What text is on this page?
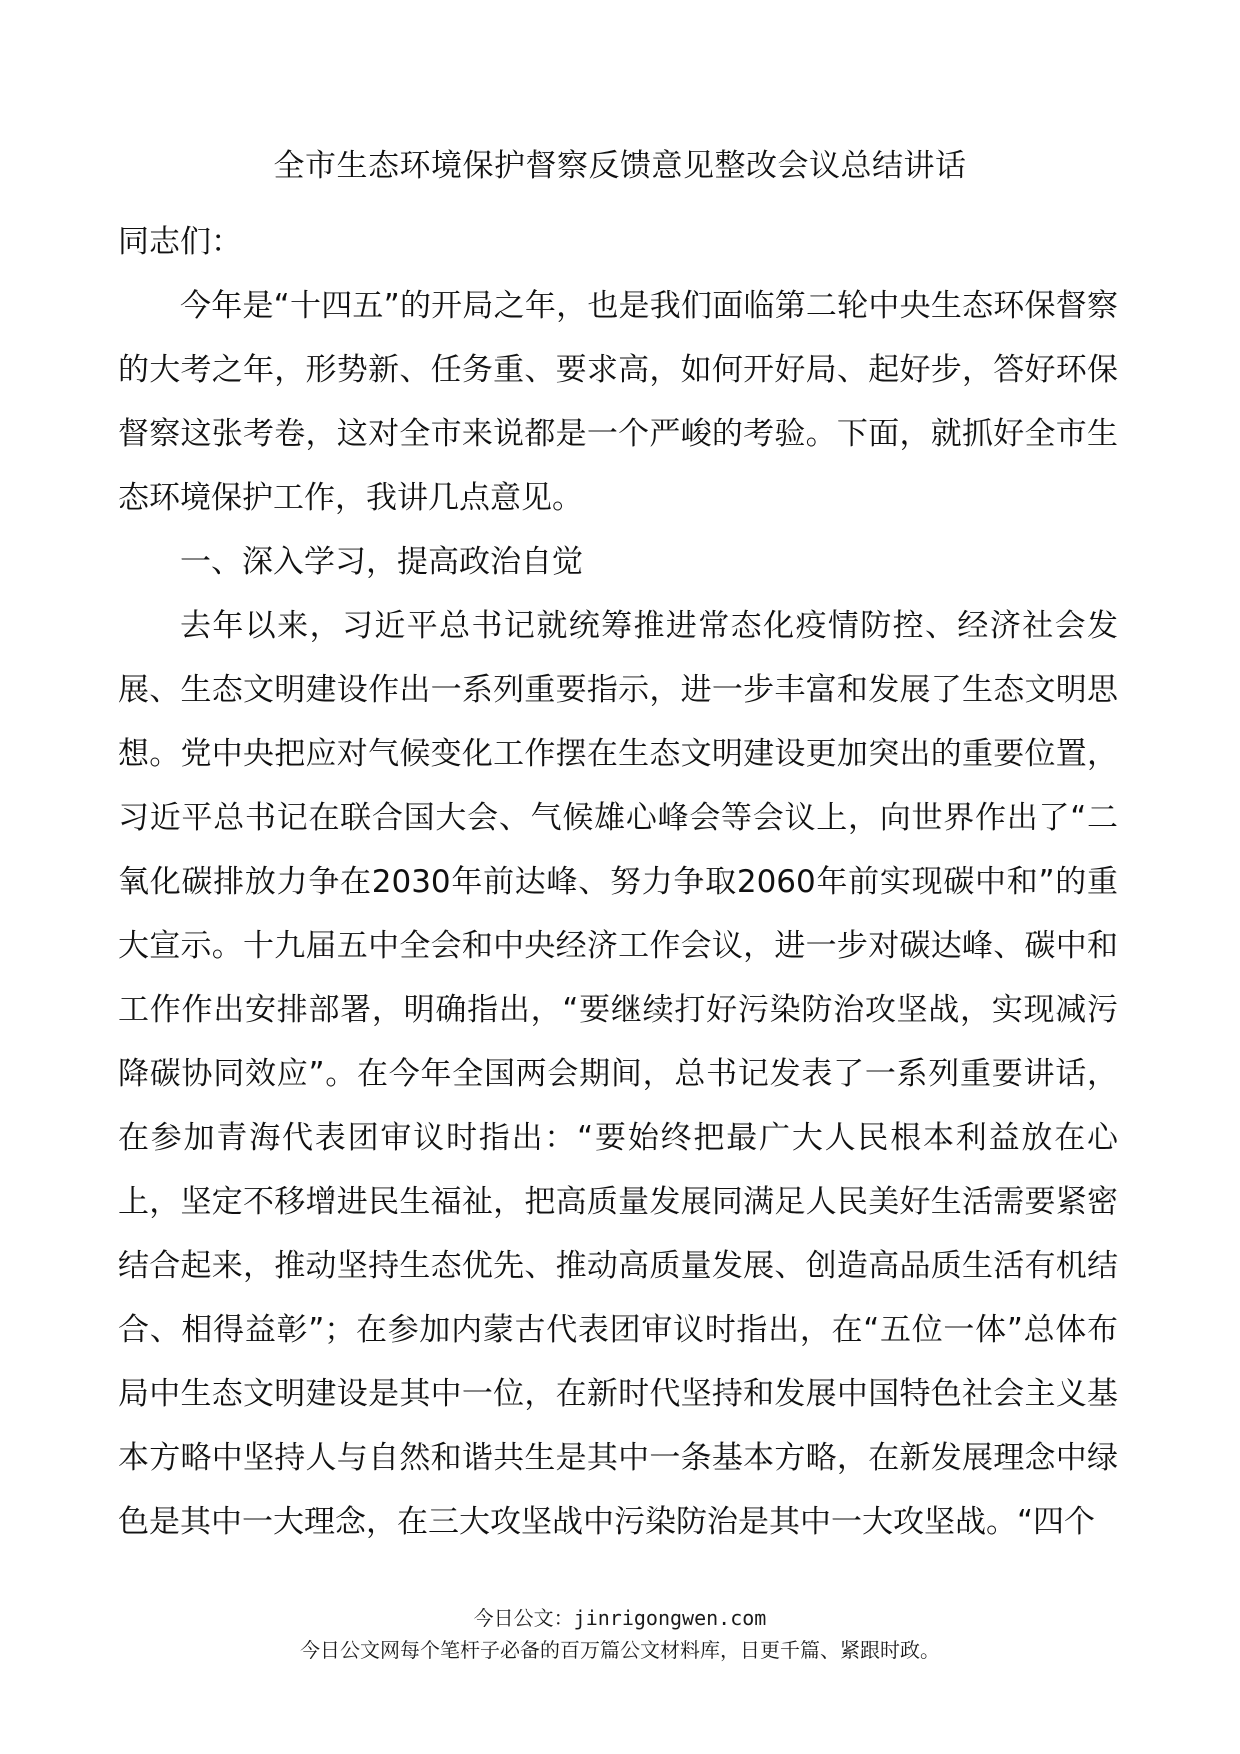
全市生态环境保护督察反馈意见整改会议总结讲话

同志们：

今年是“十四五”的开局之年，也是我们面临第二轮中央生态环保督察的大考之年，形势新、任务重、要求高，如何开好局、起好步，答好环保督察这张考卷，这对全市来说都是一个严峻的考验。下面，就抓好全市生态环境保护工作，我讲几点意见。

一、深入学习，提高政治自觉

去年以来，习近平总书记就统筹推进常态化疫情防控、经济社会发展、生态文明建设作出一系列重要指示，进一步丰富和发展了生态文明思想。党中央把应对气候变化工作摆在生态文明建设更加突出的重要位置，习近平总书记在联合国大会、气候雄心峰会等会议上，向世界作出了“二氧化碳排放力争在2030年前达峰、努力争取2060年前实现碳中和”的重大宣示。十九届五中全会和中央经济工作会议，进一步对碳达峰、碳中和工作作出安排部署，明确指出，“要继续打好污染防治攻坚战，实现减污降碳协同效应”。在今年全国两会期间，总书记发表了一系列重要讲话，在参加青海代表团审议时指出：“要始终把最广大人民根本利益放在心上，坚定不移增进民生福祉，把高质量发展同满足人民美好生活需要紧密结合起来，推动坚持生态优先、推动高质量发展、创造高品质生活有机结合、相得益彰”；在参加内蒙古代表团审议时指出，在“五位一体”总体布局中生态文明建设是其中一位，在新时代坚持和发展中国特色社会主义基本方略中坚持人与自然和谐共生是其中一条基本方略，在新发展理念中绿色是其中一大理念，在三大攻坚战中污染防治是其中一大攻坚战。“四个

今日公文：jinrigongwen.com
今日公文网每个笔杆子必备的百万篇公文材料库，日更千篇、紧跟时政。
